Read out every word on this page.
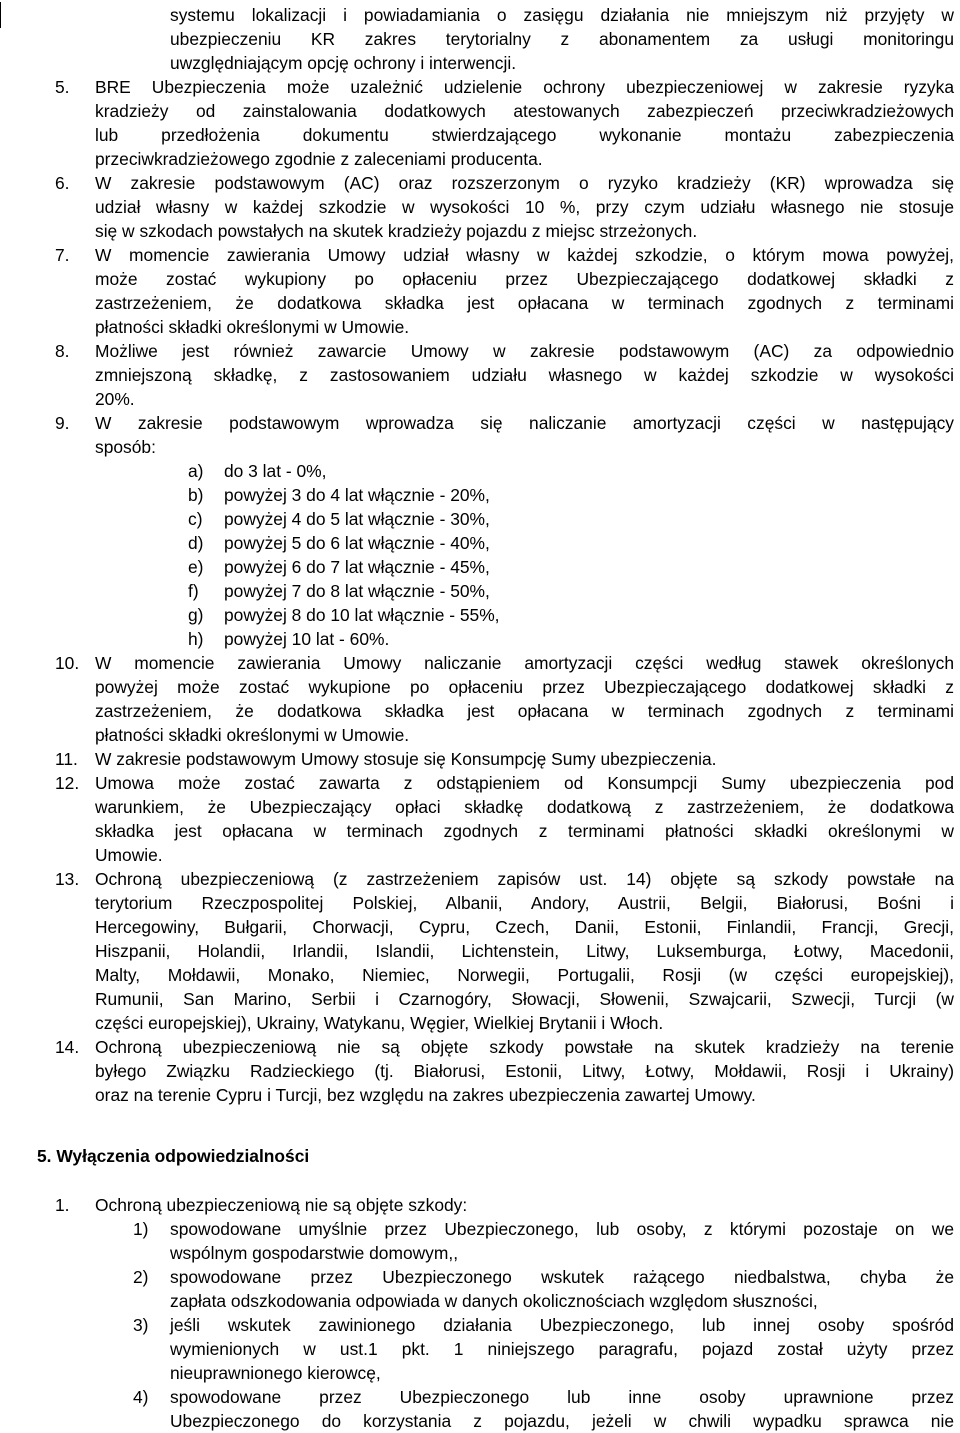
systemu lokalizacji i powiadamiania o zasięgu działania nie mniejszym niż przyjęty w
ubezpieczeniu KR zakres terytorialny z abonamentem za usługi monitoringu
uwzględniającym opcję ochrony i interwencji.
5. BRE Ubezpieczenia może uzależnić udzielenie ochrony ubezpieczeniowej w zakresie ryzyka
kradzieży od zainstalowania dodatkowych atestowanych zabezpieczeń przeciwkradzieżowych
lub przedłożenia dokumentu stwierdzającego wykonanie montażu zabezpieczenia
przeciwkradzieżowego zgodnie z zaleceniami producenta.
6. W zakresie podstawowym (AC) oraz rozszerzonym o ryzyko kradzieży (KR) wprowadza się
udział własny w każdej szkodzie w wysokości 10 %, przy czym udziału własnego nie stosuje
się w szkodach powstałych na skutek kradzieży pojazdu z miejsc strzeżonych.
7. W momencie zawierania Umowy udział własny w każdej szkodzie, o którym mowa powyżej,
może zostać wykupiony po opłaceniu przez Ubezpieczającego dodatkowej składki z
zastrzeżeniem, że dodatkowa składka jest opłacana w terminach zgodnych z terminami
płatności składki określonymi w Umowie.
8. Możliwe jest również zawarcie Umowy w zakresie podstawowym (AC) za odpowiednio
zmniejszoną składkę, z zastosowaniem udziału własnego w każdej szkodzie w wysokości
20%.
9. W zakresie podstawowym wprowadza się naliczanie amortyzacji części w następujący
sposób:
a) do 3 lat - 0%,
b) powyżej 3 do 4 lat włącznie - 20%,
c) powyżej 4 do 5 lat włącznie - 30%,
d) powyżej 5 do 6 lat włącznie - 40%,
e) powyżej 6 do 7 lat włącznie - 45%,
f) powyżej 7 do 8 lat włącznie - 50%,
g) powyżej 8 do 10 lat włącznie - 55%,
h) powyżej 10 lat - 60%.
10. W momencie zawierania Umowy naliczanie amortyzacji części według stawek określonych
powyżej może zostać wykupione po opłaceniu przez Ubezpieczającego dodatkowej składki z
zastrzeżeniem, że dodatkowa składka jest opłacana w terminach zgodnych z terminami
płatności składki określonymi w Umowie.
11. W zakresie podstawowym Umowy stosuje się Konsumpcję Sumy ubezpieczenia.
12. Umowa może zostać zawarta z odstąpieniem od Konsumpcji Sumy ubezpieczenia pod
warunkiem, że Ubezpieczający opłaci składkę dodatkową z zastrzeżeniem, że dodatkowa
składka jest opłacana w terminach zgodnych z terminami płatności składki określonymi w
Umowie.
13. Ochroną ubezpieczeniową (z zastrzeżeniem zapisów ust. 14) objęte są szkody powstałe na
terytorium Rzeczpospolitej Polskiej, Albanii, Andory, Austrii, Belgii, Białorusi, Bośni i
Hercegowiny, Bułgarii, Chorwacji, Cypru, Czech, Danii, Estonii, Finlandii, Francji, Grecji,
Hiszpanii, Holandii, Irlandii, Islandii, Lichtenstein, Litwy, Luksemburga, Łotwy, Macedonii,
Malty, Mołdawii, Monako, Niemiec, Norwegii, Portugalii, Rosji (w części europejskiej),
Rumunii, San Marino, Serbii i Czarnogóry, Słowacji, Słowenii, Szwajcarii, Szwecji, Turcji (w
części europejskiej), Ukrainy, Watykanu, Węgier, Wielkiej Brytanii i Włoch.
14. Ochroną ubezpieczeniową nie są objęte szkody powstałe na skutek kradzieży na terenie
byłego Związku Radzieckiego (tj. Białorusi, Estonii, Litwy, Łotwy, Mołdawii, Rosji i Ukrainy)
oraz na terenie Cypru i Turcji, bez względu na zakres ubezpieczenia zawartej Umowy.
5. Wyłączenia odpowiedzialności
1. Ochroną ubezpieczeniową nie są objęte szkody:
1) spowodowane umyślnie przez Ubezpieczonego, lub osoby, z którymi pozostaje on we
wspólnym gospodarstwie domowym,,
2) spowodowane przez Ubezpieczonego wskutek rażącego niedbalstwa, chyba że
zapłata odszkodowania odpowiada w danych okolicznościach względom słuszności,
3) jeśli wskutek zawinionego działania Ubezpieczonego, lub innej osoby spośród
wymienionych w ust.1 pkt. 1 niniejszego paragrafu, pojazd został użyty przez
nieuprawnionego kierowcę,
4) spowodowane przez Ubezpieczonego lub inne osoby uprawnione przez
Ubezpieczonego do korzystania z pojazdu, jeżeli w chwili wypadku sprawca nie
